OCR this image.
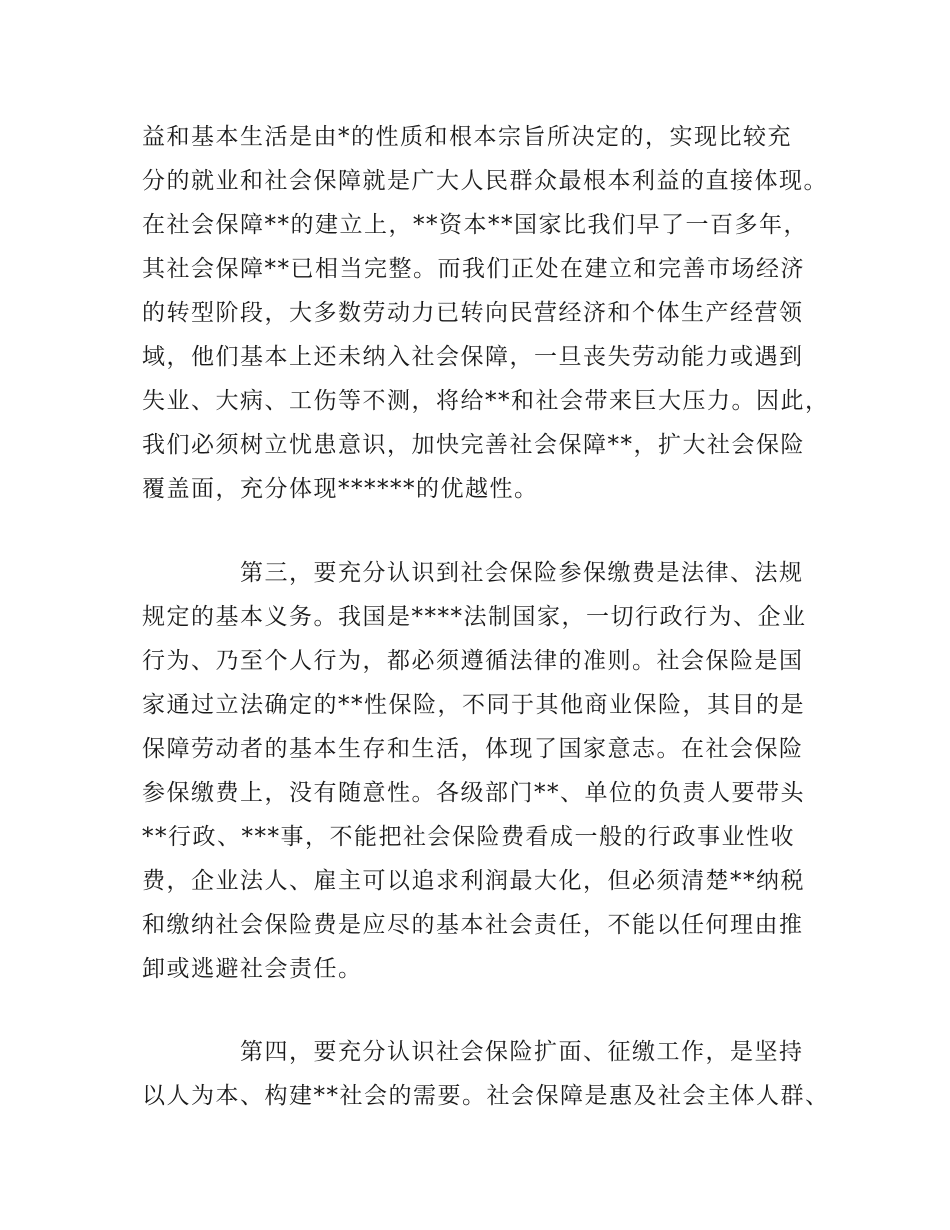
益和基本生活是由*的性质和根本宗旨所决定的，实现比较充
分的就业和社会保障就是广大人民群众最根本利益的直接体现。
在社会保障**的建立上，**资本**国家比我们早了一百多年，
其社会保障**已相当完整。而我们正处在建立和完善市场经济
的转型阶段，大多数劳动力已转向民营经济和个体生产经营领
域，他们基本上还未纳入社会保障，一旦丧失劳动能力或遇到
失业、大病、工伤等不测，将给**和社会带来巨大压力。因此，
我们必须树立忧患意识，加快完善社会保障**，扩大社会保险
覆盖面，充分体现******的优越性。
　　　　第三，要充分认识到社会保险参保缴费是法律、法规
规定的基本义务。我国是****法制国家，一切行政行为、企业
行为、乃至个人行为，都必须遵循法律的准则。社会保险是国
家通过立法确定的**性保险，不同于其他商业保险，其目的是
保障劳动者的基本生存和生活，体现了国家意志。在社会保险
参保缴费上，没有随意性。各级部门**、单位的负责人要带头
**行政、***事，不能把社会保险费看成一般的行政事业性收
费，企业法人、雇主可以追求利润最大化，但必须清楚**纳税
和缴纳社会保险费是应尽的基本社会责任，不能以任何理由推
卸或逃避社会责任。
　　　　第四，要充分认识社会保险扩面、征缴工作，是坚持
以人为本、构建**社会的需要。社会保障是惠及社会主体人群、
